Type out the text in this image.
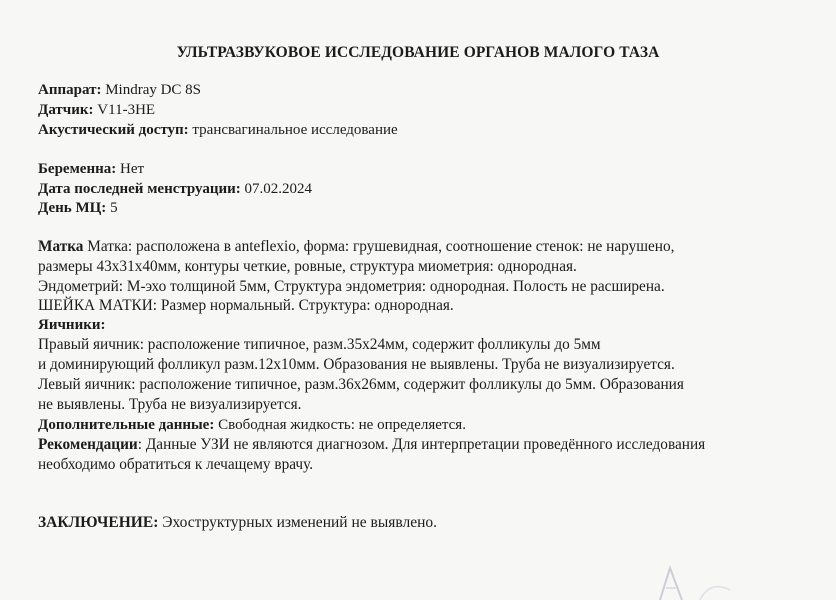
УЛЬТРАЗВУКОВОЕ ИССЛЕДОВАНИЕ ОРГАНОВ МАЛОГО ТАЗА
Аппарат: Mindray DC 8S
Датчик: V11-3HE
Акустический доступ: трансвагинальное исследование
Беременна: Нет
Дата последней менструации: 07.02.2024
День МЦ: 5
Матка Матка: расположена в anteflexio, форма: грушевидная, соотношение стенок: не нарушено,
размеры 43х31х40мм, контуры четкие, ровные, структура миометрия: однородная.
Эндометрий: М-эхо толщиной 5мм, Структура эндометрия: однородная. Полость не расширена.
ШЕЙКА МАТКИ: Размер нормальный. Структура: однородная.
Яичники:
Правый яичник: расположение типичное, разм.35х24мм, содержит фолликулы до 5мм
и доминирующий фолликул разм.12х10мм. Образования не выявлены. Труба не визуализируется.
Левый яичник: расположение типичное, разм.36х26мм, содержит фолликулы до 5мм. Образования
не выявлены. Труба не визуализируется.
Дополнительные данные: Свободная жидкость: не определяется.
Рекомендации: Данные УЗИ не являются диагнозом. Для интерпретации проведённого исследования
необходимо обратиться к лечащему врачу.
ЗАКЛЮЧЕНИЕ: Эхоструктурных изменений не выявлено.
